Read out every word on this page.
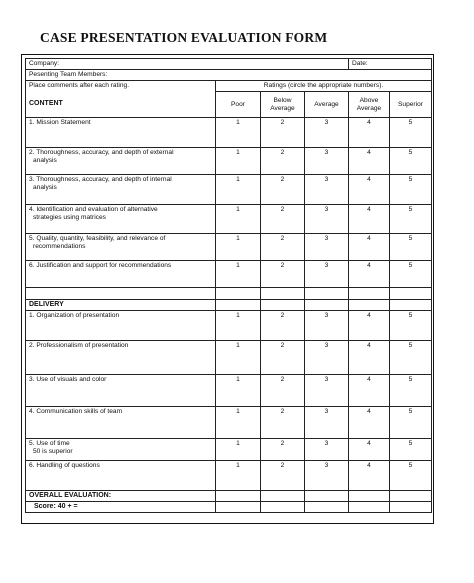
CASE PRESENTATION EVALUATION FORM
Company:				Date:	
Pesenting Team Members:					
Place comments after each rating.	Ratings (circle the appropriate numbers).				
CONTENT	Poor	Below Average	Average	Above Average	Superior

1. Mission Statement	1	2	3	4	5

2. Thoroughness, accuracy, and depth of external
analysis	1	2	3	4	5

3. Thoroughness, accuracy, and depth of internal
analysis	1	2	3	4	5

4. Identification and evaluation of alternative
strategies using matrices	1	2	3	4	5

5. Quality, quantity, feasibility, and relevance of
recommendations	1	2	3	4	5

6. Justification and support for recommendations	1	2	3	4	5

DELIVERY					

1. Organization of presentation	1	2	3	4	5

2. Professionalism of presentation	1	2	3	4	5

3. Use of visuals and color	1	2	3	4	5

4. Communication skills of team	1	2	3	4	5

5. Use of time
50 is superior	1	2	3	4	5

6. Handling of questions	1	2	3	4	5
OVERALL EVALUATION:					
Score: 40 + =					
